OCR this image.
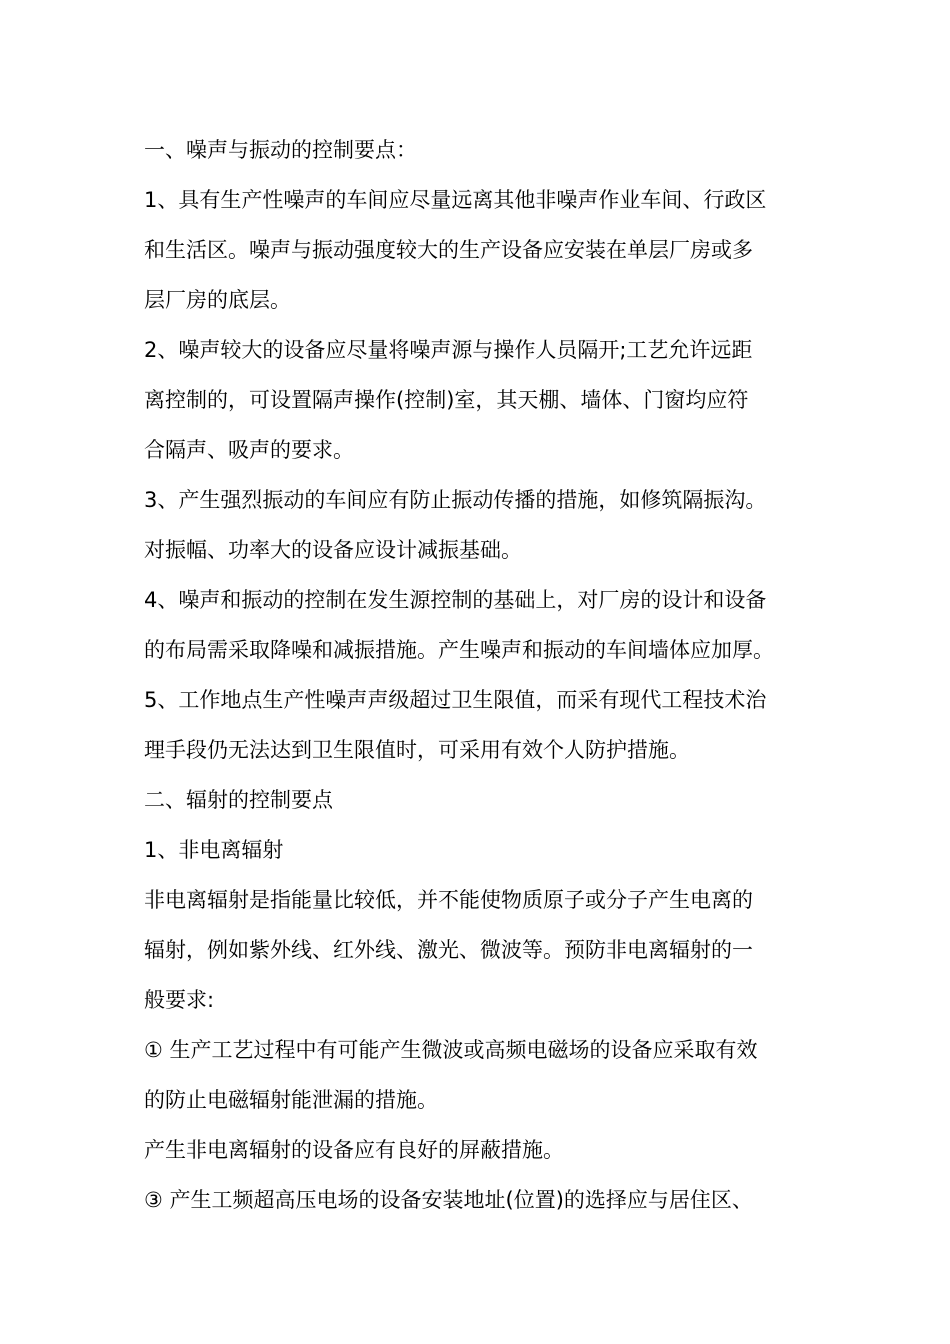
一、噪声与振动的控制要点：

1、具有生产性噪声的车间应尽量远离其他非噪声作业车间、行政区

和生活区。噪声与振动强度较大的生产设备应安装在单层厂房或多

层厂房的底层。

2、噪声较大的设备应尽量将噪声源与操作人员隔开;工艺允许远距

离控制的，可设置隔声操作(控制)室，其天棚、墙体、门窗均应符

合隔声、吸声的要求。

3、产生强烈振动的车间应有防止振动传播的措施，如修筑隔振沟。

对振幅、功率大的设备应设计减振基础。

4、噪声和振动的控制在发生源控制的基础上，对厂房的设计和设备

的布局需采取降噪和减振措施。产生噪声和振动的车间墙体应加厚。

5、工作地点生产性噪声声级超过卫生限值，而采有现代工程技术治

理手段仍无法达到卫生限值时，可采用有效个人防护措施。

二、辐射的控制要点

1、非电离辐射

非电离辐射是指能量比较低，并不能使物质原子或分子产生电离的

辐射，例如紫外线、红外线、激光、微波等。预防非电离辐射的一

般要求:

① 生产工艺过程中有可能产生微波或高频电磁场的设备应采取有效

的防止电磁辐射能泄漏的措施。

产生非电离辐射的设备应有良好的屏蔽措施。

③ 产生工频超高压电场的设备安装地址(位置)的选择应与居住区、
